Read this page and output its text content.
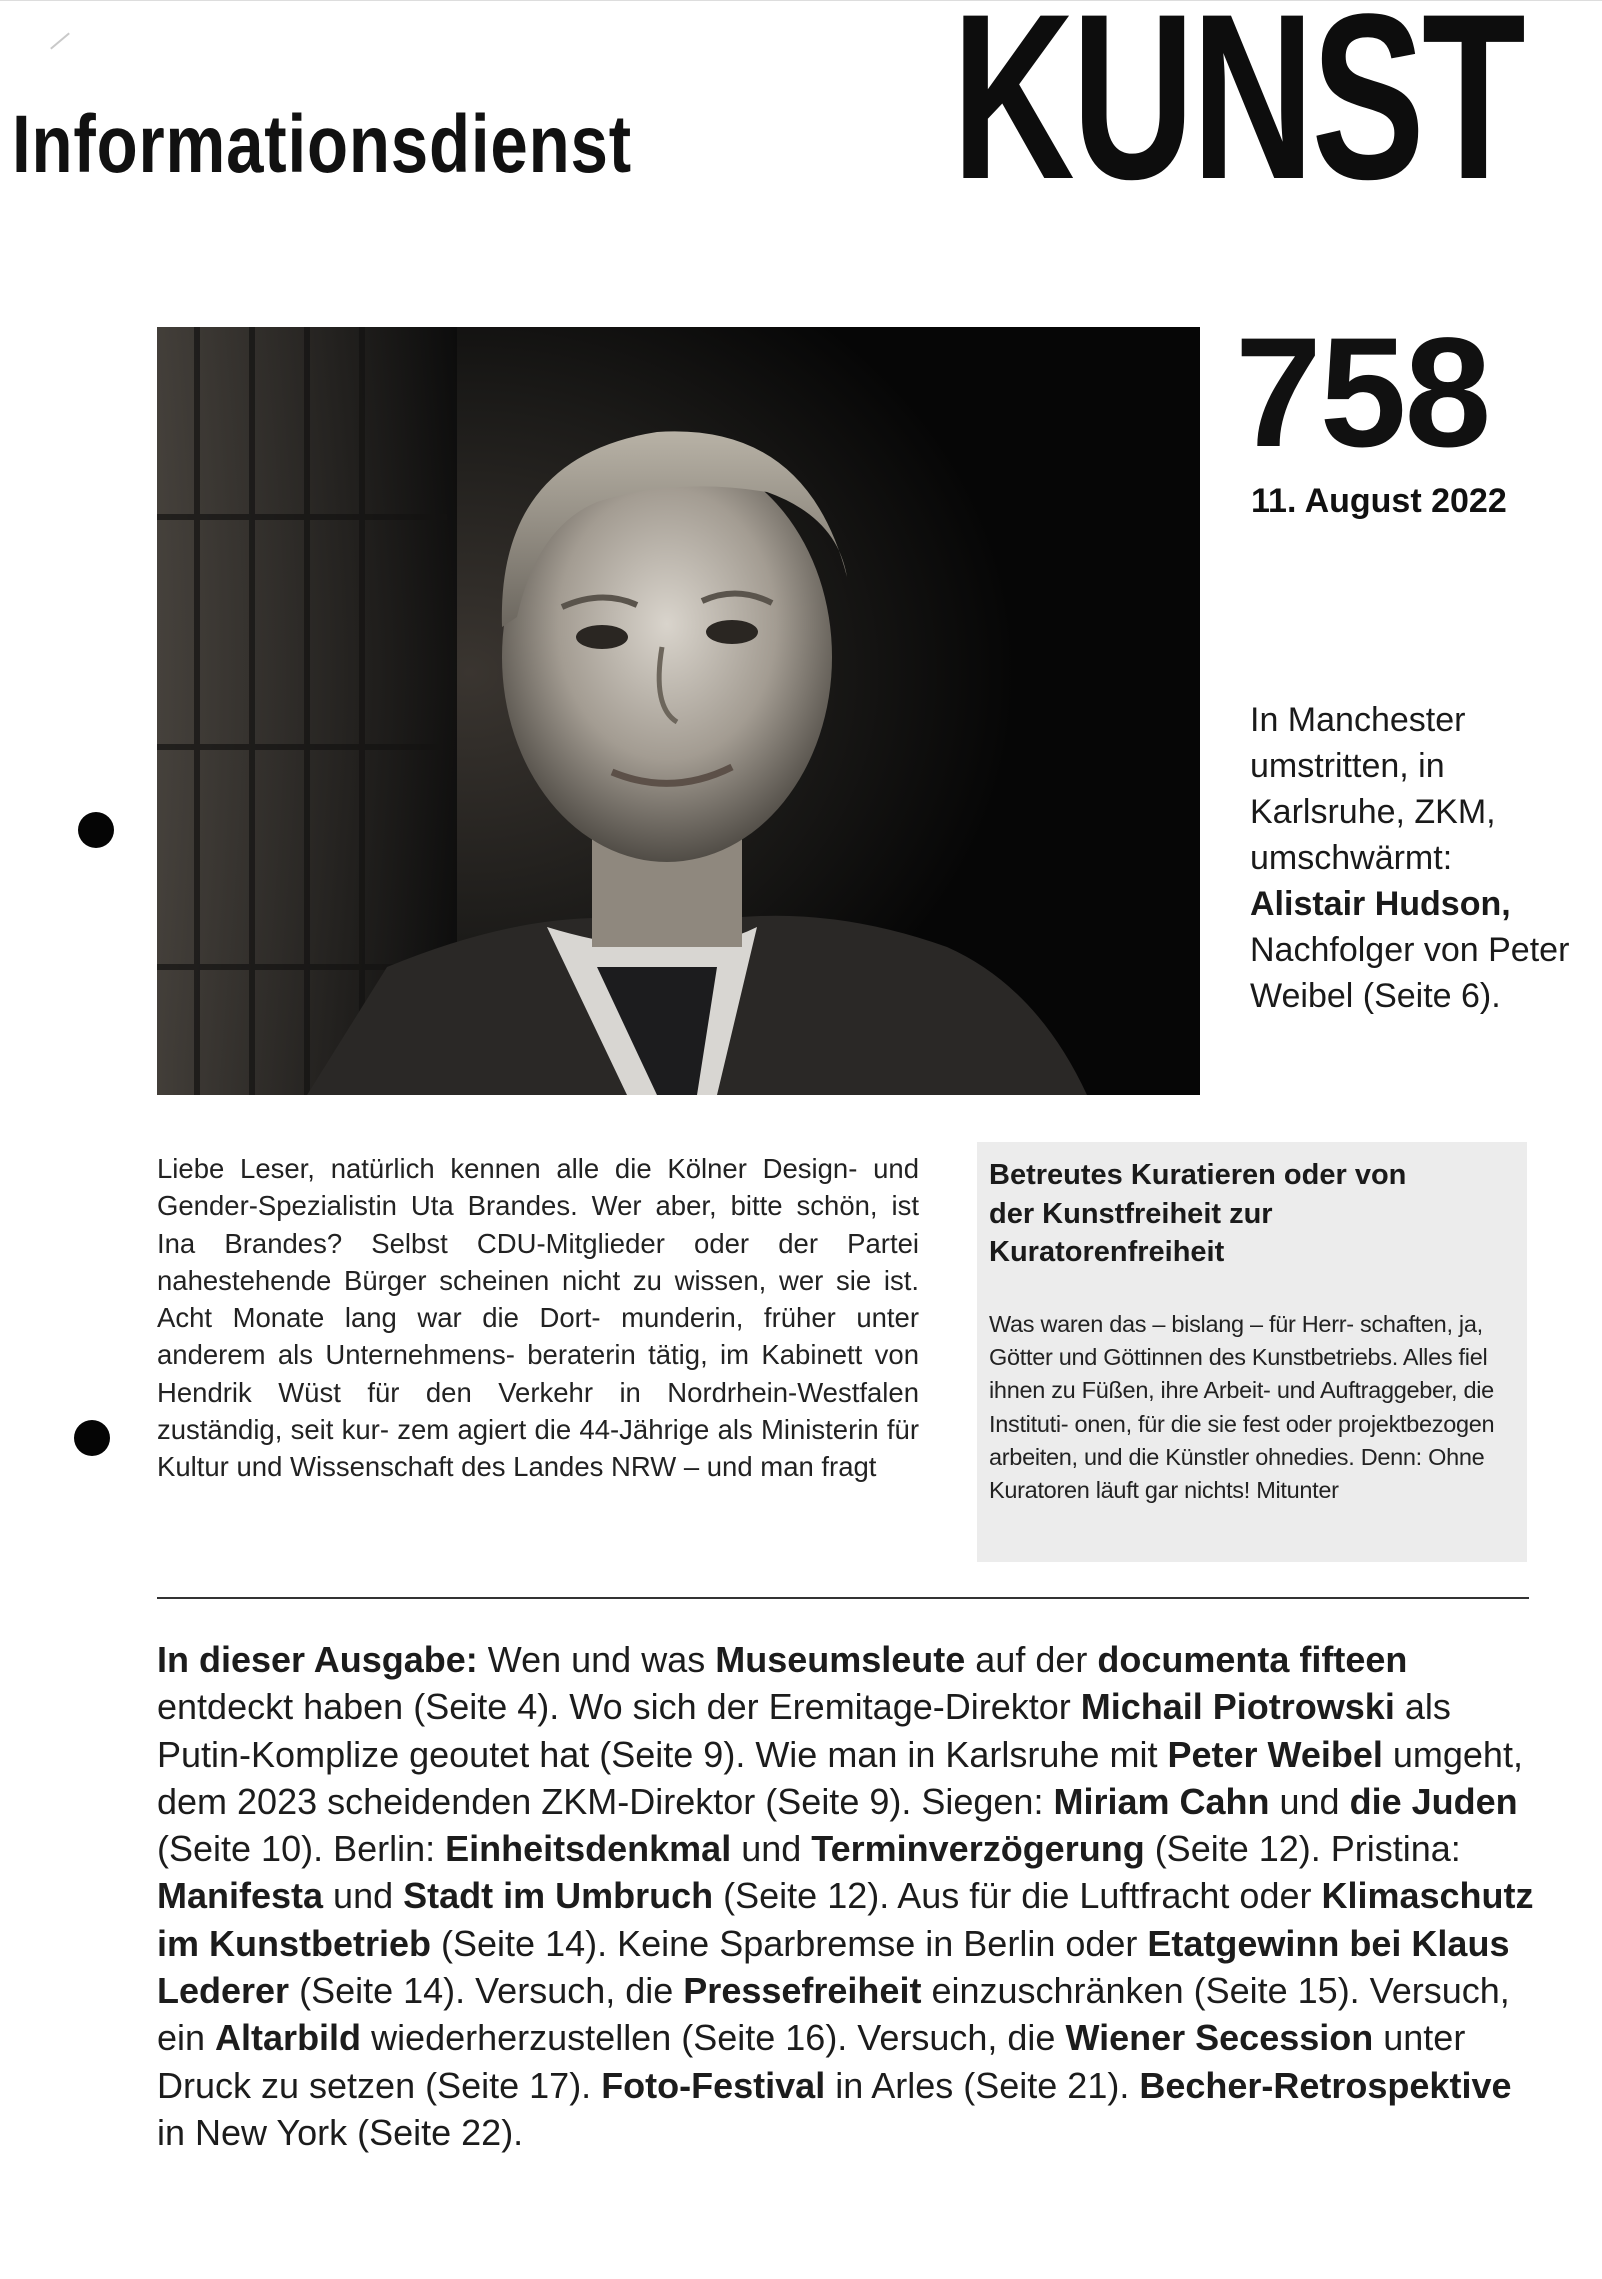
Informationsdienst KUNST
758
11. August 2022
In Manchester umstritten, in Karlsruhe, ZKM, umschwärmt:
Alistair Hudson,
Nachfolger von Peter Weibel (Seite 6).
Liebe Leser, natürlich kennen alle die Kölner Design- und Gender-Spezialistin Uta Brandes. Wer aber, bitte schön, ist Ina Brandes? Selbst CDU-Mitglieder oder der Partei nahestehende Bürger scheinen nicht zu wissen, wer sie ist. Acht Monate lang war die Dort- munderin, früher unter anderem als Unternehmens- beraterin tätig, im Kabinett von Hendrik Wüst für den Verkehr in Nordrhein-Westfalen zuständig, seit kur- zem agiert die 44-Jährige als Ministerin für Kultur und Wissenschaft des Landes NRW – und man fragt
Betreutes Kuratieren oder von der Kunstfreiheit zur Kuratorenfreiheit

Was waren das – bislang – für Herr- schaften, ja, Götter und Göttinnen des Kunstbetriebs. Alles fiel ihnen zu Füßen, ihre Arbeit- und Auftraggeber, die Instituti- onen, für die sie fest oder projektbezogen arbeiten, und die Künstler ohnedies. Denn: Ohne Kuratoren läuft gar nichts! Mitunter

In dieser Ausgabe: Wen und was Museumsleute auf der documenta fifteen entdeckt haben (Seite 4). Wo sich der Eremitage-Direktor Michail Piotrowski als Putin-Komplize geoutet hat (Seite 9). Wie man in Karlsruhe mit Peter Weibel umgeht, dem 2023 scheidenden ZKM-Direktor (Seite 9). Siegen: Miriam Cahn und die Juden (Seite 10). Berlin: Einheitsdenkmal und Terminverzögerung (Seite 12). Pristina: Manifesta und Stadt im Umbruch (Seite 12). Aus für die Luftfracht oder Klimaschutz im Kunstbetrieb (Seite 14). Keine Sparbremse in Berlin oder Etatgewinn bei Klaus Lederer (Seite 14). Versuch, die Pressefreiheit einzuschränken (Seite 15). Versuch, ein Altarbild wiederherzustellen (Seite 16). Versuch, die Wiener Secession unter Druck zu setzen (Seite 17). Foto-Festival in Arles (Seite 21). Becher-Retrospektive in New York (Seite 22).
